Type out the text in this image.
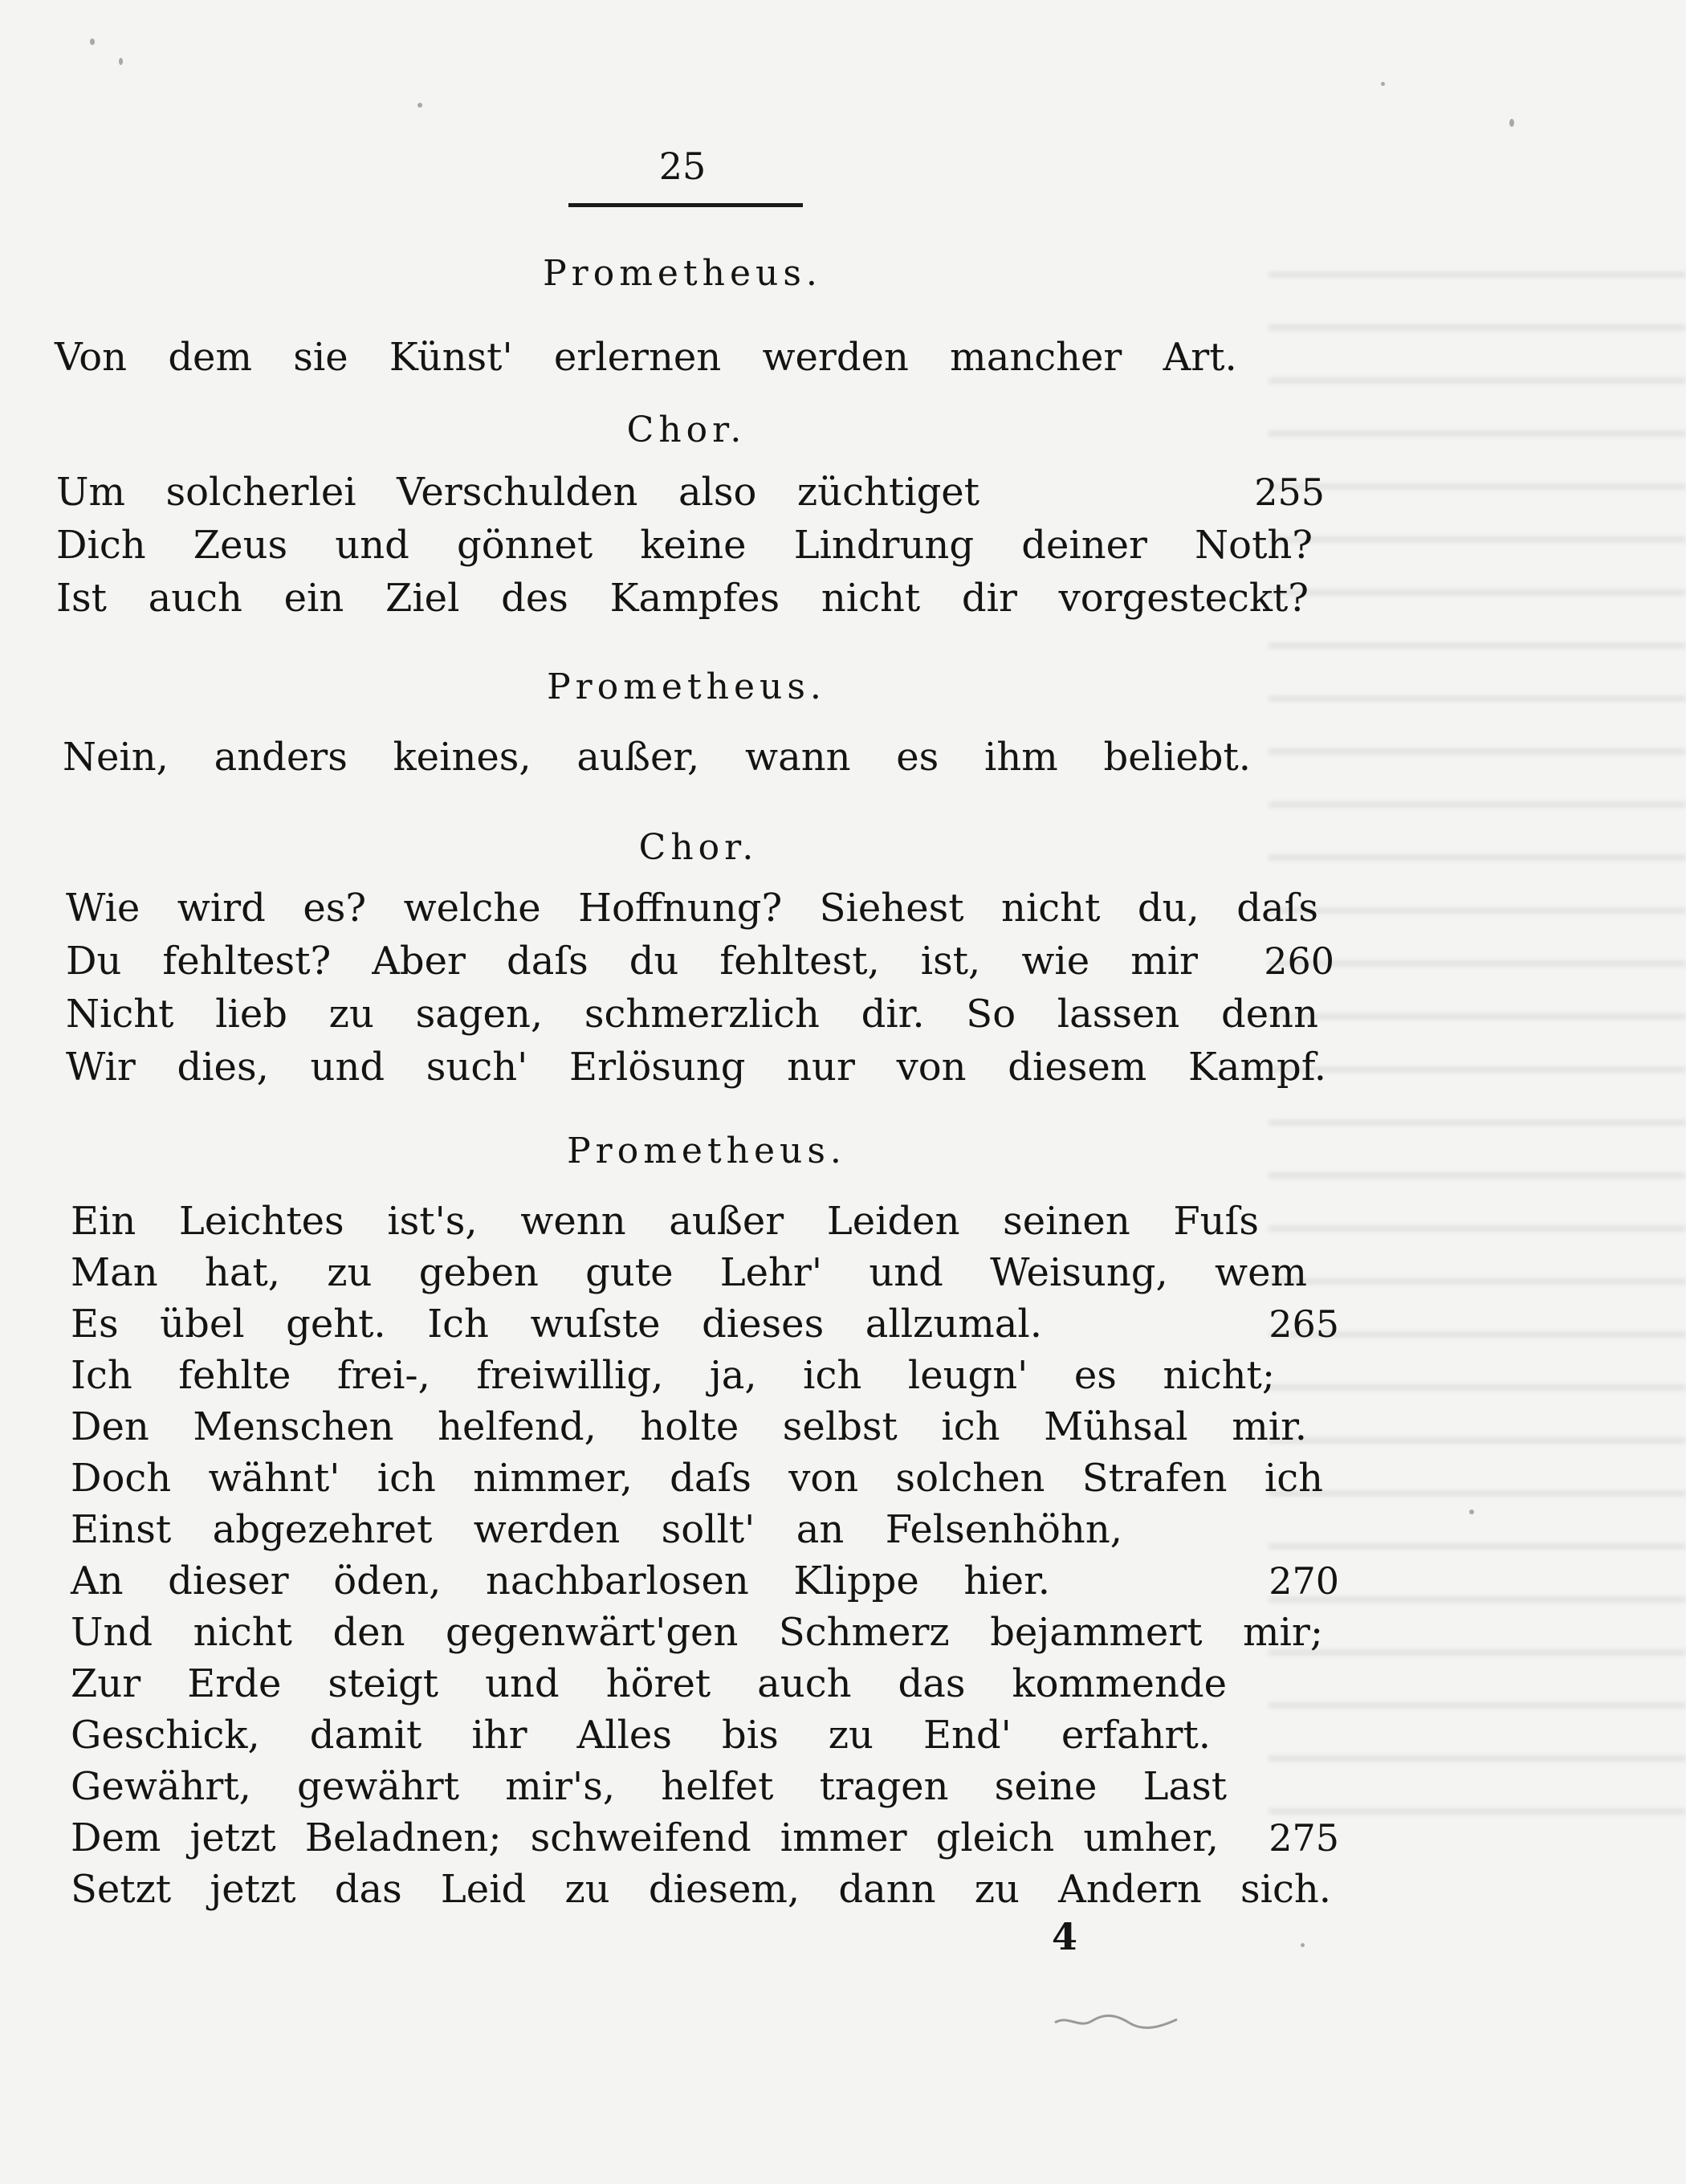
25
Prometheus.
Von dem sie Künst' erlernen werden mancher Art.
Chor.
Um solcherlei Verschulden also züchtiget	255
Dich Zeus und gönnet keine Lindrung deiner Noth?
Ist auch ein Ziel des Kampfes nicht dir vorgesteckt?
Prometheus.
Nein, anders keines, außer, wann es ihm beliebt.
Chor.
Wie wird es? welche Hoffnung? Siehest nicht du, daſs
Du fehltest? Aber daſs du fehltest, ist, wie mir 260
Nicht lieb zu sagen, schmerzlich dir. So lassen denn
Wir dies, und such' Erlösung nur von diesem Kampf.
Prometheus.
Ein Leichtes ist's, wenn außer Leiden seinen Fuſs
Man hat, zu geben gute Lehr' und Weisung, wem
Es übel geht. Ich wuſste dieses allzumal.	265
Ich fehlte frei-, freiwillig, ja, ich leugn' es nicht;
Den Menschen helfend, holte selbst ich Mühsal mir.
Doch wähnt' ich nimmer, daſs von solchen Strafen ich
Einst abgezehret werden sollt' an Felsenhöhn,
An dieser öden, nachbarlosen Klippe hier.	270
Und nicht den gegenwärt'gen Schmerz bejammert mir;
Zur Erde steigt und höret auch das kommende
Geschick, damit ihr Alles bis zu End' erfahrt.
Gewährt, gewährt mir's, helfet tragen seine Last
Dem jetzt Beladnen; schweifend immer gleich umher, 275
Setzt jetzt das Leid zu diesem, dann zu Andern sich.
4
